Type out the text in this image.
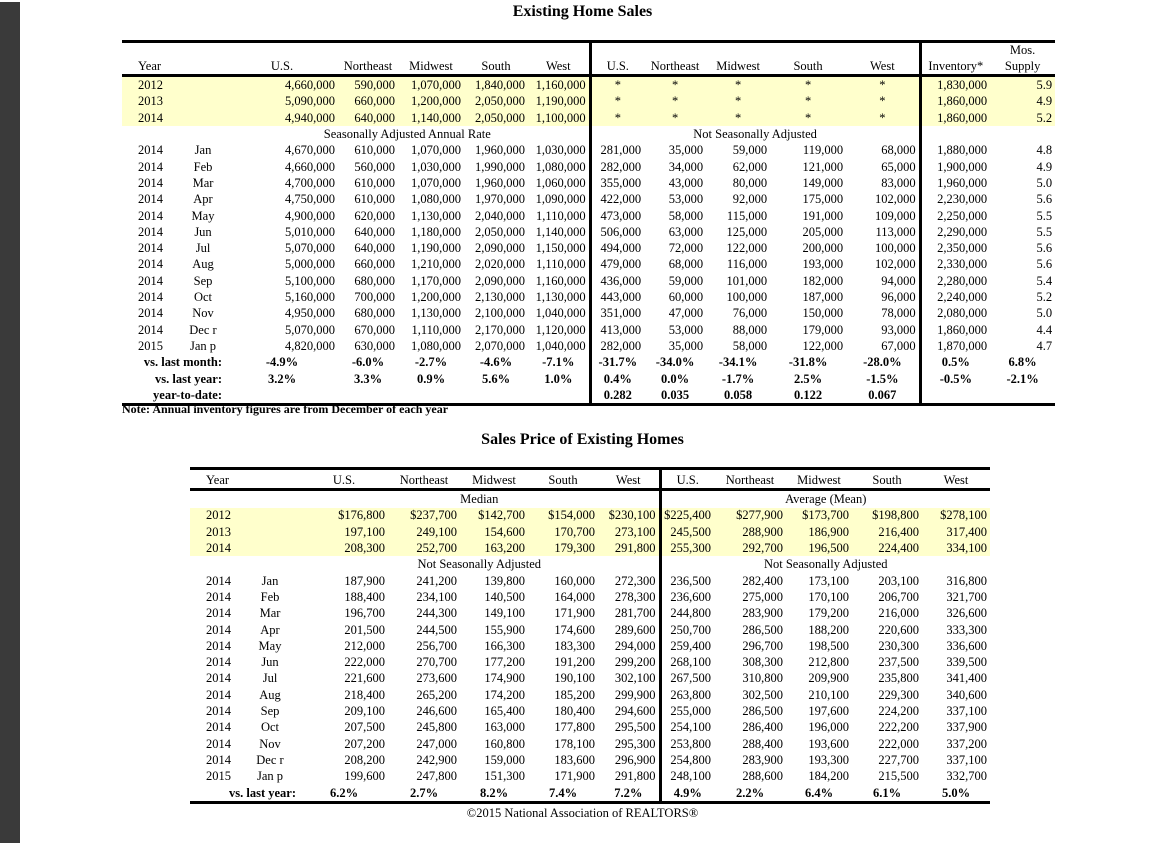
Existing Home Sales
													Mos.
Year		U.S.	Northeast	Midwest	South	West	U.S.	Northeast	Midwest	South	West	Inventory*	Supply
2012		4,660,000	590,000	1,070,000	1,840,000	1,160,000	*	*	*	*	*	1,830,000	5.9
2013		5,090,000	660,000	1,200,000	2,050,000	1,190,000	*	*	*	*	*	1,860,000	4.9
2014		4,940,000	640,000	1,140,000	2,050,000	1,100,000	*	*	*	*	*	1,860,000	5.2
		Seasonally Adjusted Annual Rate					Not Seasonally Adjusted						
2014	Jan	4,670,000	610,000	1,070,000	1,960,000	1,030,000	281,000	35,000	59,000	119,000	68,000	1,880,000	4.8
2014	Feb	4,660,000	560,000	1,030,000	1,990,000	1,080,000	282,000	34,000	62,000	121,000	65,000	1,900,000	4.9
2014	Mar	4,700,000	610,000	1,070,000	1,960,000	1,060,000	355,000	43,000	80,000	149,000	83,000	1,960,000	5.0
2014	Apr	4,750,000	610,000	1,080,000	1,970,000	1,090,000	422,000	53,000	92,000	175,000	102,000	2,230,000	5.6
2014	May	4,900,000	620,000	1,130,000	2,040,000	1,110,000	473,000	58,000	115,000	191,000	109,000	2,250,000	5.5
2014	Jun	5,010,000	640,000	1,180,000	2,050,000	1,140,000	506,000	63,000	125,000	205,000	113,000	2,290,000	5.5
2014	Jul	5,070,000	640,000	1,190,000	2,090,000	1,150,000	494,000	72,000	122,000	200,000	100,000	2,350,000	5.6
2014	Aug	5,000,000	660,000	1,210,000	2,020,000	1,110,000	479,000	68,000	116,000	193,000	102,000	2,330,000	5.6
2014	Sep	5,100,000	680,000	1,170,000	2,090,000	1,160,000	436,000	59,000	101,000	182,000	94,000	2,280,000	5.4
2014	Oct	5,160,000	700,000	1,200,000	2,130,000	1,130,000	443,000	60,000	100,000	187,000	96,000	2,240,000	5.2
2014	Nov	4,950,000	680,000	1,130,000	2,100,000	1,040,000	351,000	47,000	76,000	150,000	78,000	2,080,000	5.0
2014	Dec r	5,070,000	670,000	1,110,000	2,170,000	1,120,000	413,000	53,000	88,000	179,000	93,000	1,860,000	4.4
2015	Jan p	4,820,000	630,000	1,080,000	2,070,000	1,040,000	282,000	35,000	58,000	122,000	67,000	1,870,000	4.7
vs. last month:		-4.9%	-6.0%	-2.7%	-4.6%	-7.1%	-31.7%	-34.0%	-34.1%	-31.8%	-28.0%	0.5%	6.8%
vs. last year:		3.2%	3.3%	0.9%	5.6%	1.0%	0.4%	0.0%	-1.7%	2.5%	-1.5%	-0.5%	-2.1%
year-to-date:							0.282	0.035	0.058	0.122	0.067		
Note: Annual inventory figures are from December of each year
Sales Price of Existing Homes
Year		U.S.	Northeast	Midwest	South	West	U.S.	Northeast	Midwest	South	West
		Median					Average (Mean)				
2012		$176,800	$237,700	$142,700	$154,000	$230,100	$225,400	$277,900	$173,700	$198,800	$278,100
2013		197,100	249,100	154,600	170,700	273,100	245,500	288,900	186,900	216,400	317,400
2014		208,300	252,700	163,200	179,300	291,800	255,300	292,700	196,500	224,400	334,100
		Not Seasonally Adjusted					Not Seasonally Adjusted				
2014	Jan	187,900	241,200	139,800	160,000	272,300	236,500	282,400	173,100	203,100	316,800
2014	Feb	188,400	234,100	140,500	164,000	278,300	236,600	275,000	170,100	206,700	321,700
2014	Mar	196,700	244,300	149,100	171,900	281,700	244,800	283,900	179,200	216,000	326,600
2014	Apr	201,500	244,500	155,900	174,600	289,600	250,700	286,500	188,200	220,600	333,300
2014	May	212,000	256,700	166,300	183,300	294,000	259,400	296,700	198,500	230,300	336,600
2014	Jun	222,000	270,700	177,200	191,200	299,200	268,100	308,300	212,800	237,500	339,500
2014	Jul	221,600	273,600	174,900	190,100	302,100	267,500	310,800	209,900	235,800	341,400
2014	Aug	218,400	265,200	174,200	185,200	299,900	263,800	302,500	210,100	229,300	340,600
2014	Sep	209,100	246,600	165,400	180,400	294,600	255,000	286,500	197,600	224,200	337,100
2014	Oct	207,500	245,800	163,000	177,800	295,500	254,100	286,400	196,000	222,200	337,900
2014	Nov	207,200	247,000	160,800	178,100	295,300	253,800	288,400	193,600	222,000	337,200
2014	Dec r	208,200	242,900	159,000	183,600	296,900	254,800	283,900	193,300	227,700	337,100
2015	Jan p	199,600	247,800	151,300	171,900	291,800	248,100	288,600	184,200	215,500	332,700
vs. last year:		6.2%	2.7%	8.2%	7.4%	7.2%	4.9%	2.2%	6.4%	6.1%	5.0%
©2015 National Association of REALTORS®
